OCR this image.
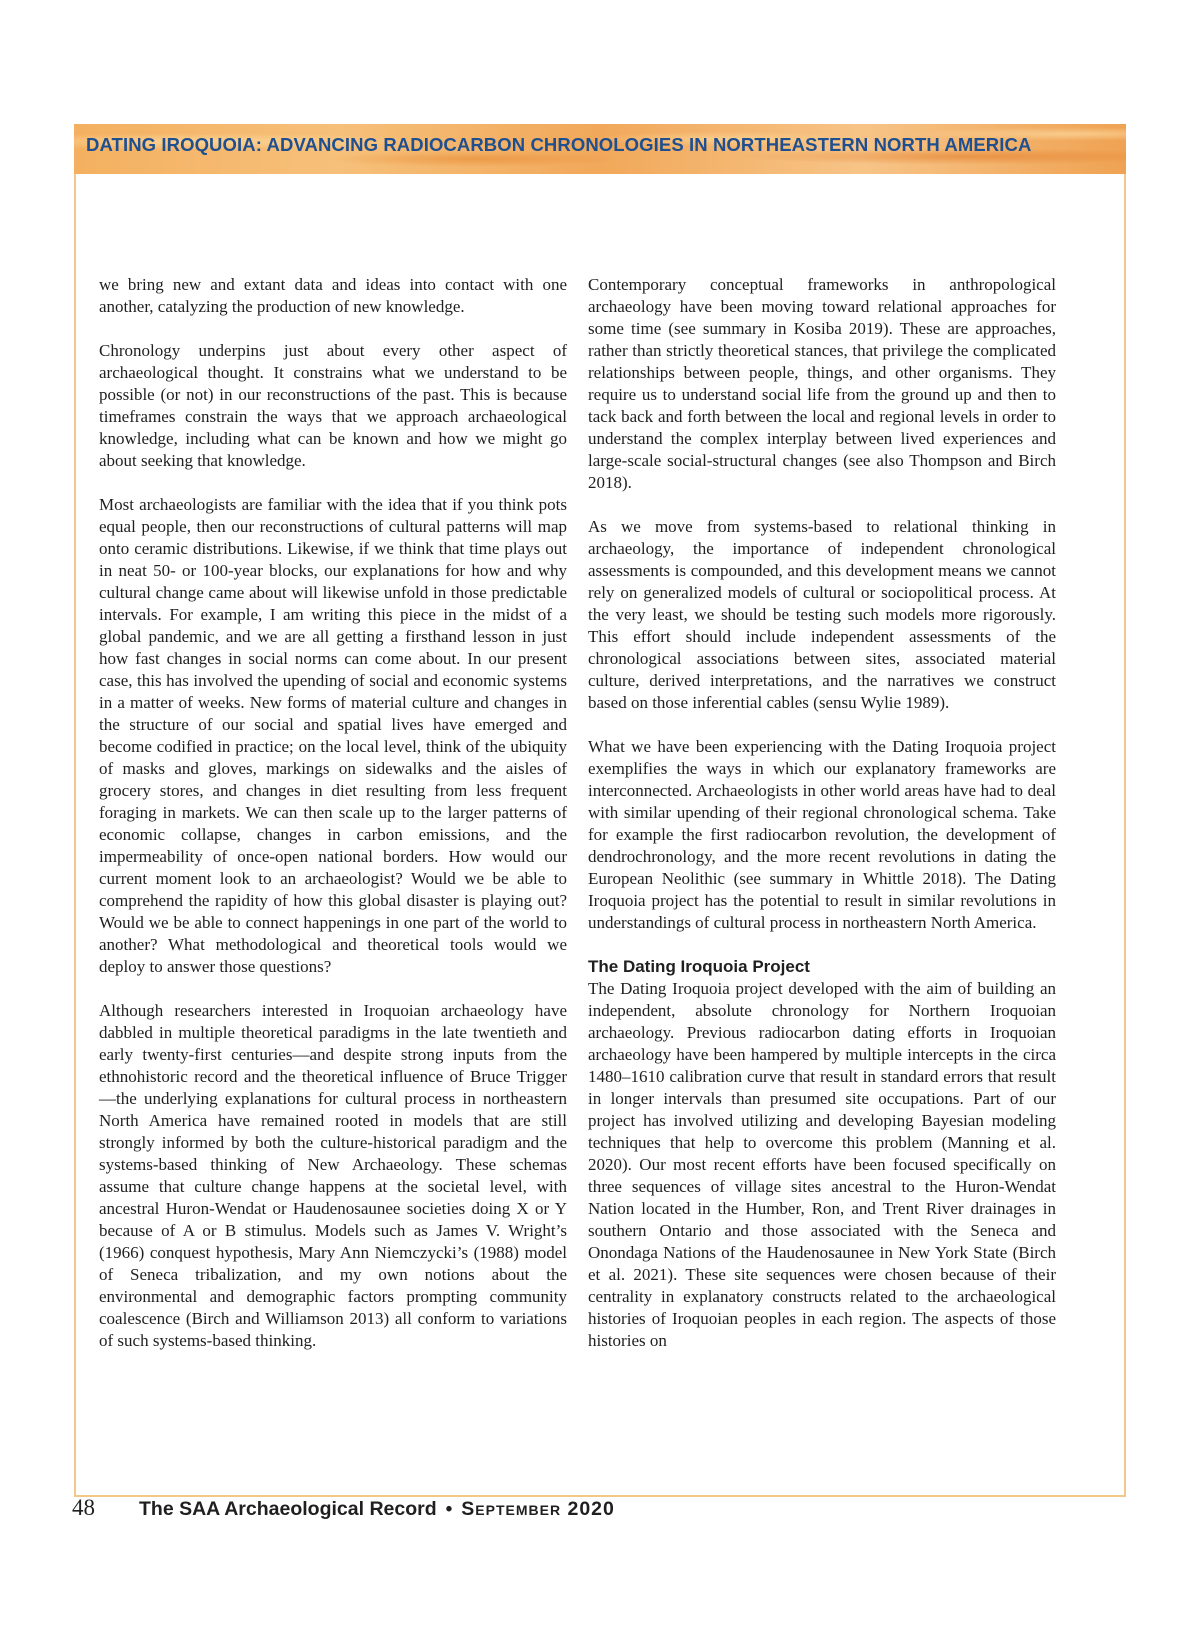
DATING IROQUOIA: ADVANCING RADIOCARBON CHRONOLOGIES IN NORTHEASTERN NORTH AMERICA

we bring new and extant data and ideas into contact with one another, catalyzing the production of new knowledge.

Chronology underpins just about every other aspect of archaeological thought. It constrains what we understand to be possible (or not) in our reconstructions of the past. This is because timeframes constrain the ways that we approach archaeological knowledge, including what can be known and how we might go about seeking that knowledge.

Most archaeologists are familiar with the idea that if you think pots equal people, then our reconstructions of cultural patterns will map onto ceramic distributions. Likewise, if we think that time plays out in neat 50- or 100-year blocks, our explanations for how and why cultural change came about will likewise unfold in those predictable intervals. For example, I am writing this piece in the midst of a global pandemic, and we are all getting a firsthand lesson in just how fast changes in social norms can come about. In our present case, this has involved the upending of social and economic systems in a matter of weeks. New forms of material culture and changes in the structure of our social and spatial lives have emerged and become codified in practice; on the local level, think of the ubiquity of masks and gloves, markings on sidewalks and the aisles of grocery stores, and changes in diet resulting from less frequent foraging in markets. We can then scale up to the larger patterns of economic collapse, changes in carbon emissions, and the impermeability of once-open national borders. How would our current moment look to an archaeologist? Would we be able to comprehend the rapidity of how this global disaster is playing out? Would we be able to connect happenings in one part of the world to another? What methodological and theoretical tools would we deploy to answer those questions?

Although researchers interested in Iroquoian archaeology have dabbled in multiple theoretical paradigms in the late twentieth and early twenty-first centuries—and despite strong inputs from the ethnohistoric record and the theoretical influence of Bruce Trigger—the underlying explanations for cultural process in northeastern North America have remained rooted in models that are still strongly informed by both the culture-historical paradigm and the systems-based thinking of New Archaeology. These schemas assume that culture change happens at the societal level, with ancestral Huron-Wendat or Haudenosaunee societies doing X or Y because of A or B stimulus. Models such as James V. Wright’s (1966) conquest hypothesis, Mary Ann Niemczycki’s (1988) model of Seneca tribalization, and my own notions about the environmental and demographic factors prompting community coalescence (Birch and Williamson 2013) all conform to variations of such systems-based thinking.

Contemporary conceptual frameworks in anthropological archaeology have been moving toward relational approaches for some time (see summary in Kosiba 2019). These are approaches, rather than strictly theoretical stances, that privilege the complicated relationships between people, things, and other organisms. They require us to understand social life from the ground up and then to tack back and forth between the local and regional levels in order to understand the complex interplay between lived experiences and large-scale social-structural changes (see also Thompson and Birch 2018).

As we move from systems-based to relational thinking in archaeology, the importance of independent chronological assessments is compounded, and this development means we cannot rely on generalized models of cultural or sociopolitical process. At the very least, we should be testing such models more rigorously. This effort should include independent assessments of the chronological associations between sites, associated material culture, derived interpretations, and the narratives we construct based on those inferential cables (sensu Wylie 1989).

What we have been experiencing with the Dating Iroquoia project exemplifies the ways in which our explanatory frameworks are interconnected. Archaeologists in other world areas have had to deal with similar upending of their regional chronological schema. Take for example the first radiocarbon revolution, the development of dendrochronology, and the more recent revolutions in dating the European Neolithic (see summary in Whittle 2018). The Dating Iroquoia project has the potential to result in similar revolutions in understandings of cultural process in northeastern North America.

The Dating Iroquoia Project

The Dating Iroquoia project developed with the aim of building an independent, absolute chronology for Northern Iroquoian archaeology. Previous radiocarbon dating efforts in Iroquoian archaeology have been hampered by multiple intercepts in the circa 1480–1610 calibration curve that result in standard errors that result in longer intervals than presumed site occupations. Part of our project has involved utilizing and developing Bayesian modeling techniques that help to overcome this problem (Manning et al. 2020). Our most recent efforts have been focused specifically on three sequences of village sites ancestral to the Huron-Wendat Nation located in the Humber, Ron, and Trent River drainages in southern Ontario and those associated with the Seneca and Onondaga Nations of the Haudenosaunee in New York State (Birch et al. 2021). These site sequences were chosen because of their centrality in explanatory constructs related to the archaeological histories of Iroquoian peoples in each region. The aspects of those histories on

48 The SAA Archaeological Record • September 2020
